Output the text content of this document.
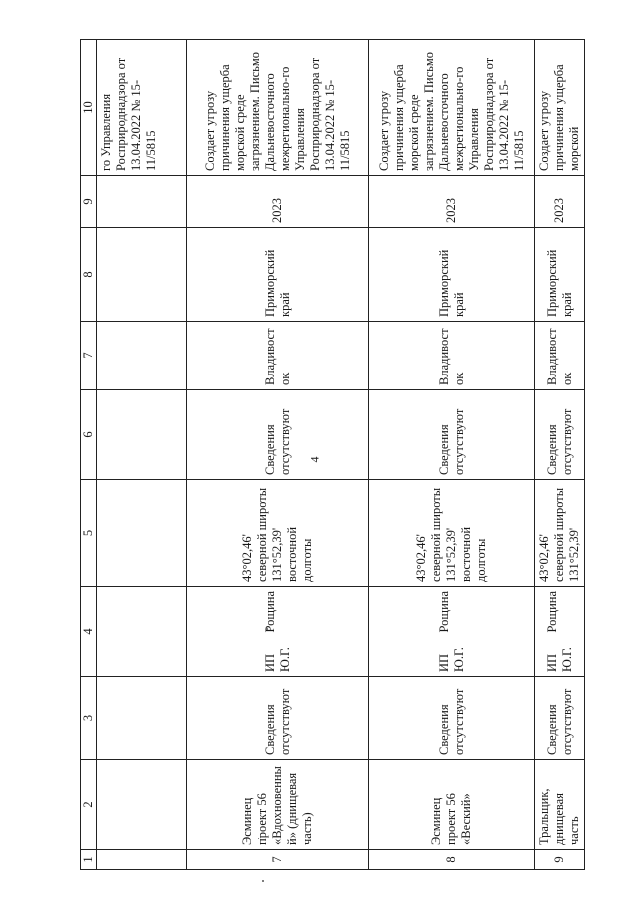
4
1	2	3	4	5	6	7	8	9	10
									го Управления Росприроднадзора от 13.04.2022 № 15-11/5815
7	Эсминец проект 56 «Вдохновенный» (днищевая часть)	Сведения отсутствуют	ИП
Рощина
Ю.Г.	43°02,46' северной широты 131°52,39' восточной долготы	Сведения отсутствуют	Владивосток	Приморский край	2023	Создает угрозу причинения ущерба морской среде загрязнением. Письмо Дальневосточного межрегионально-го Управления Росприроднадзора от 13.04.2022 № 15-11/5815
8	Эсминец проект 56 «Веский»	Сведения отсутствуют	ИП
Рощина
Ю.Г.	43°02,46' северной широты 131°52,39' восточной долготы	Сведения отсутствуют	Владивосток	Приморский край	2023	Создает угрозу причинения ущерба морской среде загрязнением. Письмо Дальневосточного межрегионально-го Управления Росприроднадзора от 13.04.2022 № 15-11/5815
9	Тральщик, днищевая часть	Сведения отсутствуют	ИП
Рощина
Ю.Г.	43°02,46' северной широты 131°52,39'	Сведения отсутствуют	Владивосток	Приморский край	2023	Создает угрозу причинения ущерба морской
